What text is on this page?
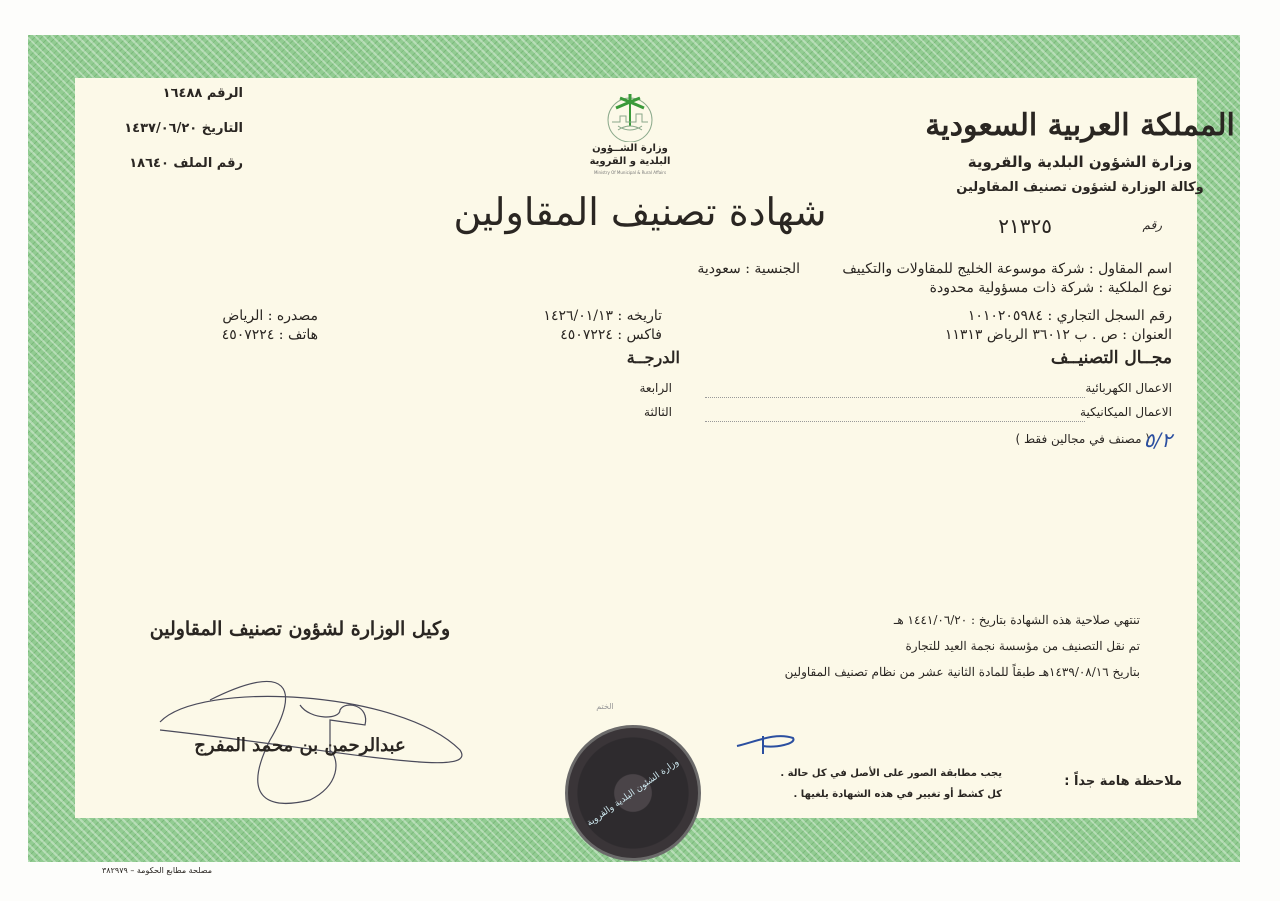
المملكة العربية السعودية
وزارة الشؤون البلدية والقروية
وكالة الوزارة لشؤون تصنيف المقاولين
رقم
٢١٣٢٥
وزارة الشــؤون
البلدية و القروية
Ministry Of Municipal & Rural Affairs
الرقم ١٦٤٨٨
التاريخ ١٤٣٧/٠٦/٢٠
رقم الملف ١٨٦٤٠
شهادة تصنيف المقاولين
اسم المقاول : شركة موسوعة الخليج للمقاولات والتكييف
الجنسية : سعودية
نوع الملكية : شركة ذات مسؤولية محدودة
رقم السجل التجاري : ١٠١٠٢٠٥٩٨٤
تاريخه : ١٤٢٦/٠١/١٣
مصدره : الرياض
العنوان : ص . ب ٣٦٠١٢ الرياض ١١٣١٣
فاكس : ٤٥٠٧٢٢٤
هاتف : ٤٥٠٧٢٢٤
مجــال التصنيــف
الدرجــة
الاعمال الكهربائية
الرابعة
الاعمال الميكانيكية
الثالثة
( مصنف في مجالين فقط )
٥/٢
تنتهي صلاحية هذه الشهادة بتاريخ : ١٤٤١/٠٦/٢٠ هـ
تم نقل التصنيف من مؤسسة نجمة العيد للتجارة
بتاريخ ١٤٣٩/٠٨/١٦هـ طبقاً للمادة الثانية عشر من نظام تصنيف المقاولين
وكيل الوزارة لشؤون تصنيف المقاولين
عبدالرحمن بن محمد المفرج
الختم
وزارة الشئون البلدية والقروية	ملاحظة هامة جداً :
يجب مطابقة الصور على الأصل في كل حالة .
كل كشط أو تغيير في هذه الشهادة يلغيها .
مصلحة مطابع الحكومة – ٣٨٢٩٧٩
